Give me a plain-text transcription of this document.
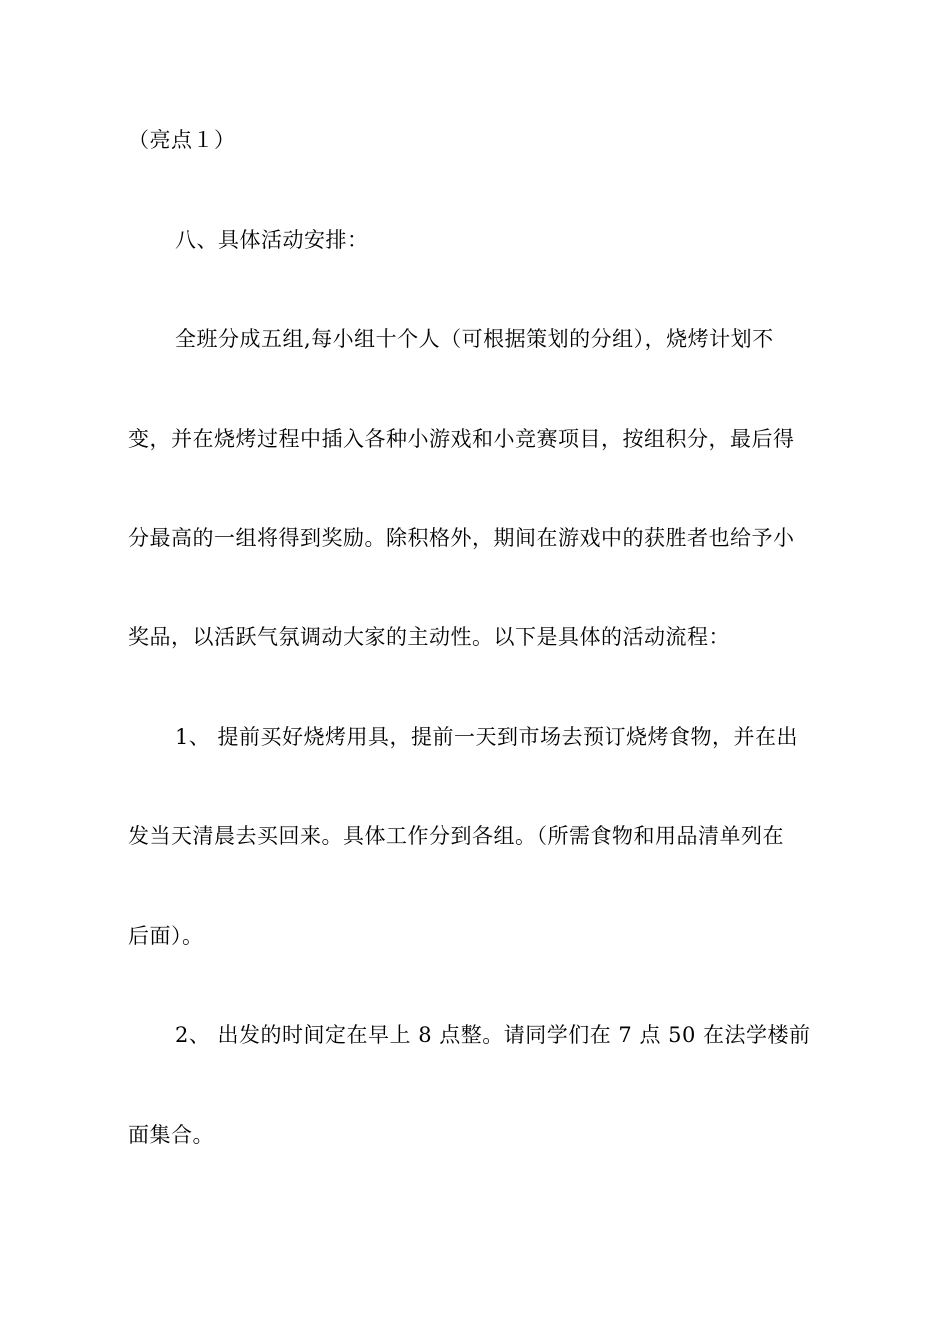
（亮点１）
八、具体活动安排：
全班分成五组,每小组十个人（可根据策划的分组），烧烤计划不
变，并在烧烤过程中插入各种小游戏和小竞赛项目，按组积分，最后得
分最高的一组将得到奖励。除积格外，期间在游戏中的获胜者也给予小
奖品，以活跃气氛调动大家的主动性。以下是具体的活动流程：
1、 提前买好烧烤用具，提前一天到市场去预订烧烤食物，并在出
发当天清晨去买回来。具体工作分到各组。（所需食物和用品清单列在
后面）。
2、 出发的时间定在早上 8 点整。请同学们在 7 点 50 在法学楼前
面集合。
